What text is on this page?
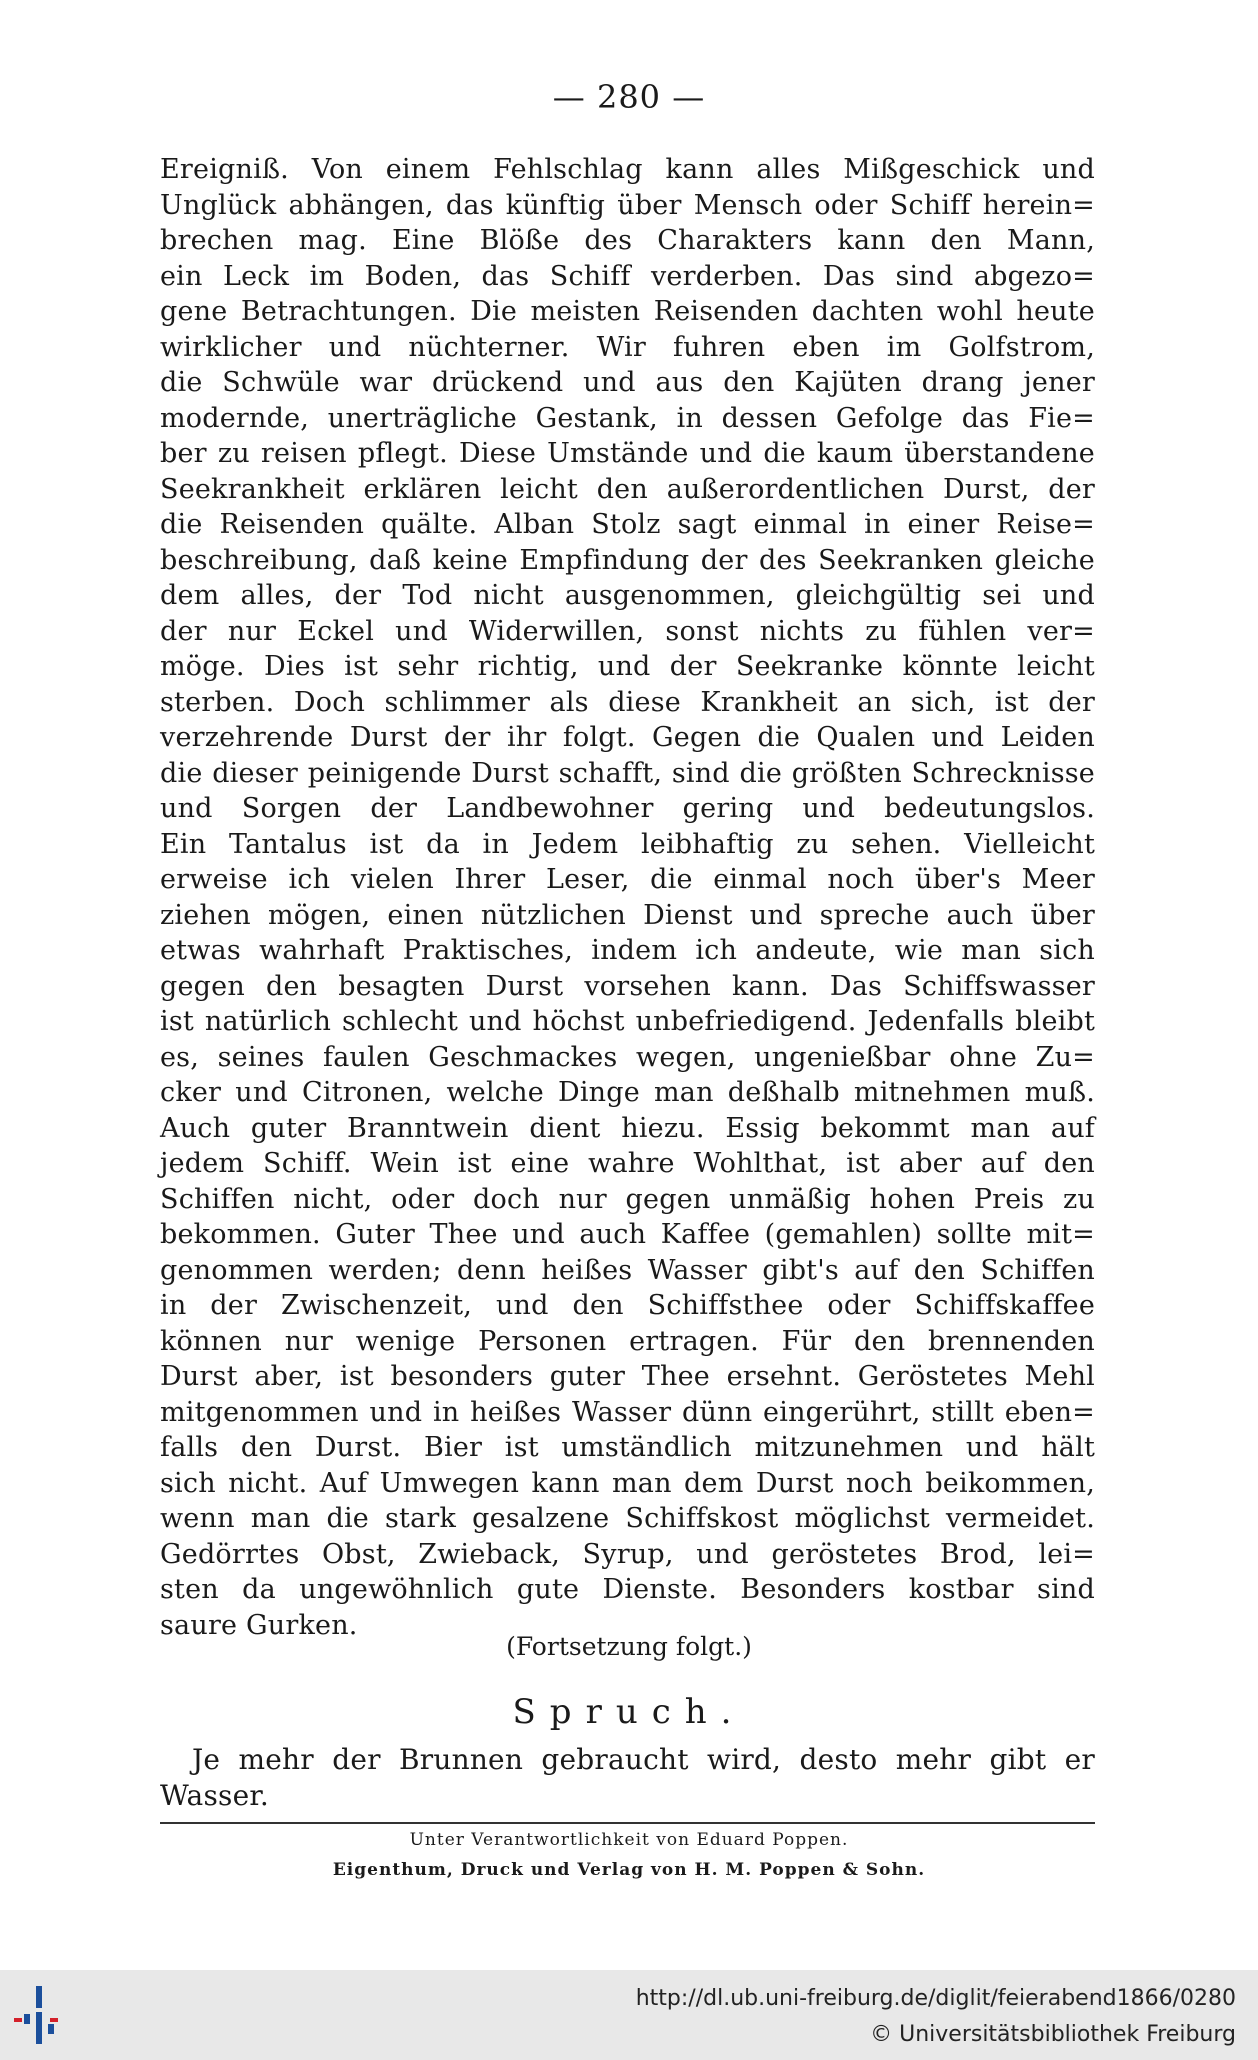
— 280 —
Ereigniß. Von einem Fehlschlag kann alles Mißgeschick und
Unglück abhängen, das künftig über Mensch oder Schiff herein=
brechen mag. Eine Blöße des Charakters kann den Mann,
ein Leck im Boden, das Schiff verderben. Das sind abgezo=
gene Betrachtungen. Die meisten Reisenden dachten wohl heute
wirklicher und nüchterner. Wir fuhren eben im Golfstrom,
die Schwüle war drückend und aus den Kajüten drang jener
modernde, unerträgliche Gestank, in dessen Gefolge das Fie=
ber zu reisen pflegt. Diese Umstände und die kaum überstandene
Seekrankheit erklären leicht den außerordentlichen Durst, der
die Reisenden quälte. Alban Stolz sagt einmal in einer Reise=
beschreibung, daß keine Empfindung der des Seekranken gleiche
dem alles, der Tod nicht ausgenommen, gleichgültig sei und
der nur Eckel und Widerwillen, sonst nichts zu fühlen ver=
möge. Dies ist sehr richtig, und der Seekranke könnte leicht
sterben. Doch schlimmer als diese Krankheit an sich, ist der
verzehrende Durst der ihr folgt. Gegen die Qualen und Leiden
die dieser peinigende Durst schafft, sind die größten Schrecknisse
und Sorgen der Landbewohner gering und bedeutungslos.
Ein Tantalus ist da in Jedem leibhaftig zu sehen. Vielleicht
erweise ich vielen Ihrer Leser, die einmal noch über's Meer
ziehen mögen, einen nützlichen Dienst und spreche auch über
etwas wahrhaft Praktisches, indem ich andeute, wie man sich
gegen den besagten Durst vorsehen kann. Das Schiffswasser
ist natürlich schlecht und höchst unbefriedigend. Jedenfalls bleibt
es, seines faulen Geschmackes wegen, ungenießbar ohne Zu=
cker und Citronen, welche Dinge man deßhalb mitnehmen muß.
Auch guter Branntwein dient hiezu. Essig bekommt man auf
jedem Schiff. Wein ist eine wahre Wohlthat, ist aber auf den
Schiffen nicht, oder doch nur gegen unmäßig hohen Preis zu
bekommen. Guter Thee und auch Kaffee (gemahlen) sollte mit=
genommen werden; denn heißes Wasser gibt's auf den Schiffen
in der Zwischenzeit, und den Schiffsthee oder Schiffskaffee
können nur wenige Personen ertragen. Für den brennenden
Durst aber, ist besonders guter Thee ersehnt. Geröstetes Mehl
mitgenommen und in heißes Wasser dünn eingerührt, stillt eben=
falls den Durst. Bier ist umständlich mitzunehmen und hält
sich nicht. Auf Umwegen kann man dem Durst noch beikommen,
wenn man die stark gesalzene Schiffskost möglichst vermeidet.
Gedörrtes Obst, Zwieback, Syrup, und geröstetes Brod, lei=
sten da ungewöhnlich gute Dienste. Besonders kostbar sind
saure Gurken.
(Fortsetzung folgt.)
Spruch.
Je mehr der Brunnen gebraucht wird, desto mehr gibt er
Wasser.
Unter Verantwortlichkeit von Eduard Poppen.
Eigenthum, Druck und Verlag von H. M. Poppen & Sohn.
http://dl.ub.uni-freiburg.de/diglit/feierabend1866/0280
© Universitätsbibliothek Freiburg
